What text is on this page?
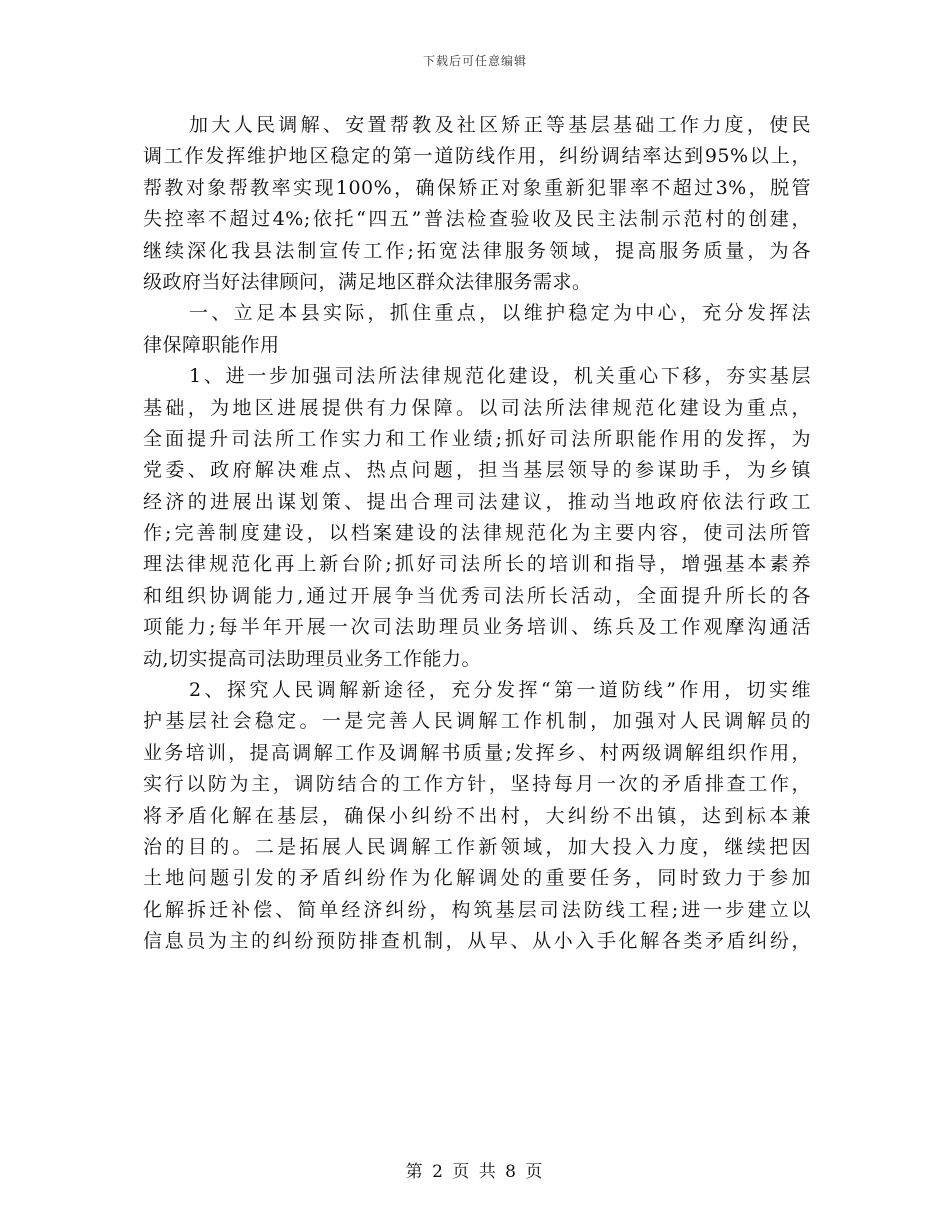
下载后可任意编辑
加大人民调解、安置帮教及社区矫正等基层基础工作力度，使民
调工作发挥维护地区稳定的第一道防线作用，纠纷调结率达到95%以上，
帮教对象帮教率实现100%，确保矫正对象重新犯罪率不超过3%，脱管
失控率不超过4%;依托“四五”普法检查验收及民主法制示范村的创建，
继续深化我县法制宣传工作;拓宽法律服务领域，提高服务质量，为各
级政府当好法律顾问，满足地区群众法律服务需求。
一、立足本县实际，抓住重点，以维护稳定为中心，充分发挥法
律保障职能作用
1、进一步加强司法所法律规范化建设，机关重心下移，夯实基层
基础，为地区进展提供有力保障。以司法所法律规范化建设为重点，
全面提升司法所工作实力和工作业绩;抓好司法所职能作用的发挥，为
党委、政府解决难点、热点问题，担当基层领导的参谋助手，为乡镇
经济的进展出谋划策、提出合理司法建议，推动当地政府依法行政工
作;完善制度建设，以档案建设的法律规范化为主要内容，使司法所管
理法律规范化再上新台阶;抓好司法所长的培训和指导，增强基本素养
和组织协调能力,通过开展争当优秀司法所长活动，全面提升所长的各
项能力;每半年开展一次司法助理员业务培训、练兵及工作观摩沟通活
动,切实提高司法助理员业务工作能力。
2、探究人民调解新途径，充分发挥“第一道防线”作用，切实维
护基层社会稳定。一是完善人民调解工作机制，加强对人民调解员的
业务培训，提高调解工作及调解书质量;发挥乡、村两级调解组织作用，
实行以防为主，调防结合的工作方针，坚持每月一次的矛盾排查工作，
将矛盾化解在基层，确保小纠纷不出村，大纠纷不出镇，达到标本兼
治的目的。二是拓展人民调解工作新领域，加大投入力度，继续把因
土地问题引发的矛盾纠纷作为化解调处的重要任务，同时致力于参加
化解拆迁补偿、简单经济纠纷，构筑基层司法防线工程;进一步建立以
信息员为主的纠纷预防排查机制，从早、从小入手化解各类矛盾纠纷，
第 2 页 共 8 页
